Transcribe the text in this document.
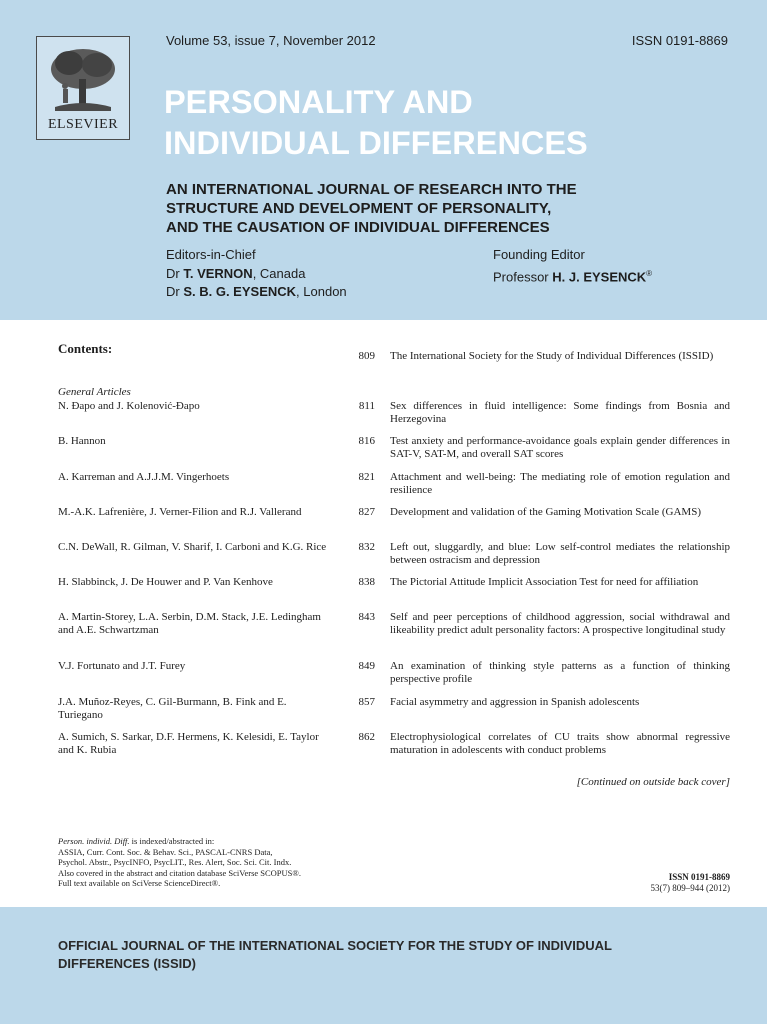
ELSEVIER
Volume 53, issue 7, November 2012	ISSN 0191-8869
PERSONALITY AND
INDIVIDUAL DIFFERENCES
AN INTERNATIONAL JOURNAL OF RESEARCH INTO THE
STRUCTURE AND DEVELOPMENT OF PERSONALITY,
AND THE CAUSATION OF INDIVIDUAL DIFFERENCES
Editors-in-Chief
Dr T. VERNON, Canada
Dr S. B. G. EYSENCK, London
Founding Editor
Professor H. J. EYSENCK®
Contents:
General Articles
809 The International Society for the Study of Individual Differences (ISSID)
N. Đapo and J. Kolenović-Đapo	811 Sex differences in fluid intelligence: Some findings from Bosnia and Herzegovina
B. Hannon	816 Test anxiety and performance-avoidance goals explain gender differences in SAT-V, SAT-M, and overall SAT scores
A. Karreman and A.J.J.M. Vingerhoets	821 Attachment and well-being: The mediating role of emotion regulation and resilience
M.-A.K. Lafrenière, J. Verner-Filion and R.J. Vallerand	827 Development and validation of the Gaming Motivation Scale (GAMS)
C.N. DeWall, R. Gilman, V. Sharif, I. Carboni and K.G. Rice	832 Left out, sluggardly, and blue: Low self-control mediates the relationship between ostracism and depression
H. Slabbinck, J. De Houwer and P. Van Kenhove	838 The Pictorial Attitude Implicit Association Test for need for affiliation
A. Martin-Storey, L.A. Serbin, D.M. Stack, J.E. Ledingham and A.E. Schwartzman
843 Self and peer perceptions of childhood aggression, social withdrawal and likeability predict adult personality factors: A prospective longitudinal study
V.J. Fortunato and J.T. Furey	849 An examination of thinking style patterns as a function of thinking perspective profile
J.A. Muñoz-Reyes, C. Gil-Burmann, B. Fink and E. Turiegano
857 Facial asymmetry and aggression in Spanish adolescents
A. Sumich, S. Sarkar, D.F. Hermens, K. Kelesidi, E. Taylor and K. Rubia
862 Electrophysiological correlates of CU traits show abnormal regressive maturation in adolescents with conduct problems
[Continued on outside back cover]
Person. individ. Diff. is indexed/abstracted in:
ASSIA, Curr. Cont. Soc. & Behav. Sci., PASCAL-CNRS Data,
Psychol. Abstr., PsycINFO, PsycLIT., Res. Alert, Soc. Sci. Cit. Indx.
Also covered in the abstract and citation database SciVerse SCOPUS®.
Full text available on SciVerse ScienceDirect®.
ISSN 0191-8869
53(7) 809–944 (2012)
OFFICIAL JOURNAL OF THE INTERNATIONAL SOCIETY FOR THE STUDY OF INDIVIDUAL
DIFFERENCES (ISSID)
